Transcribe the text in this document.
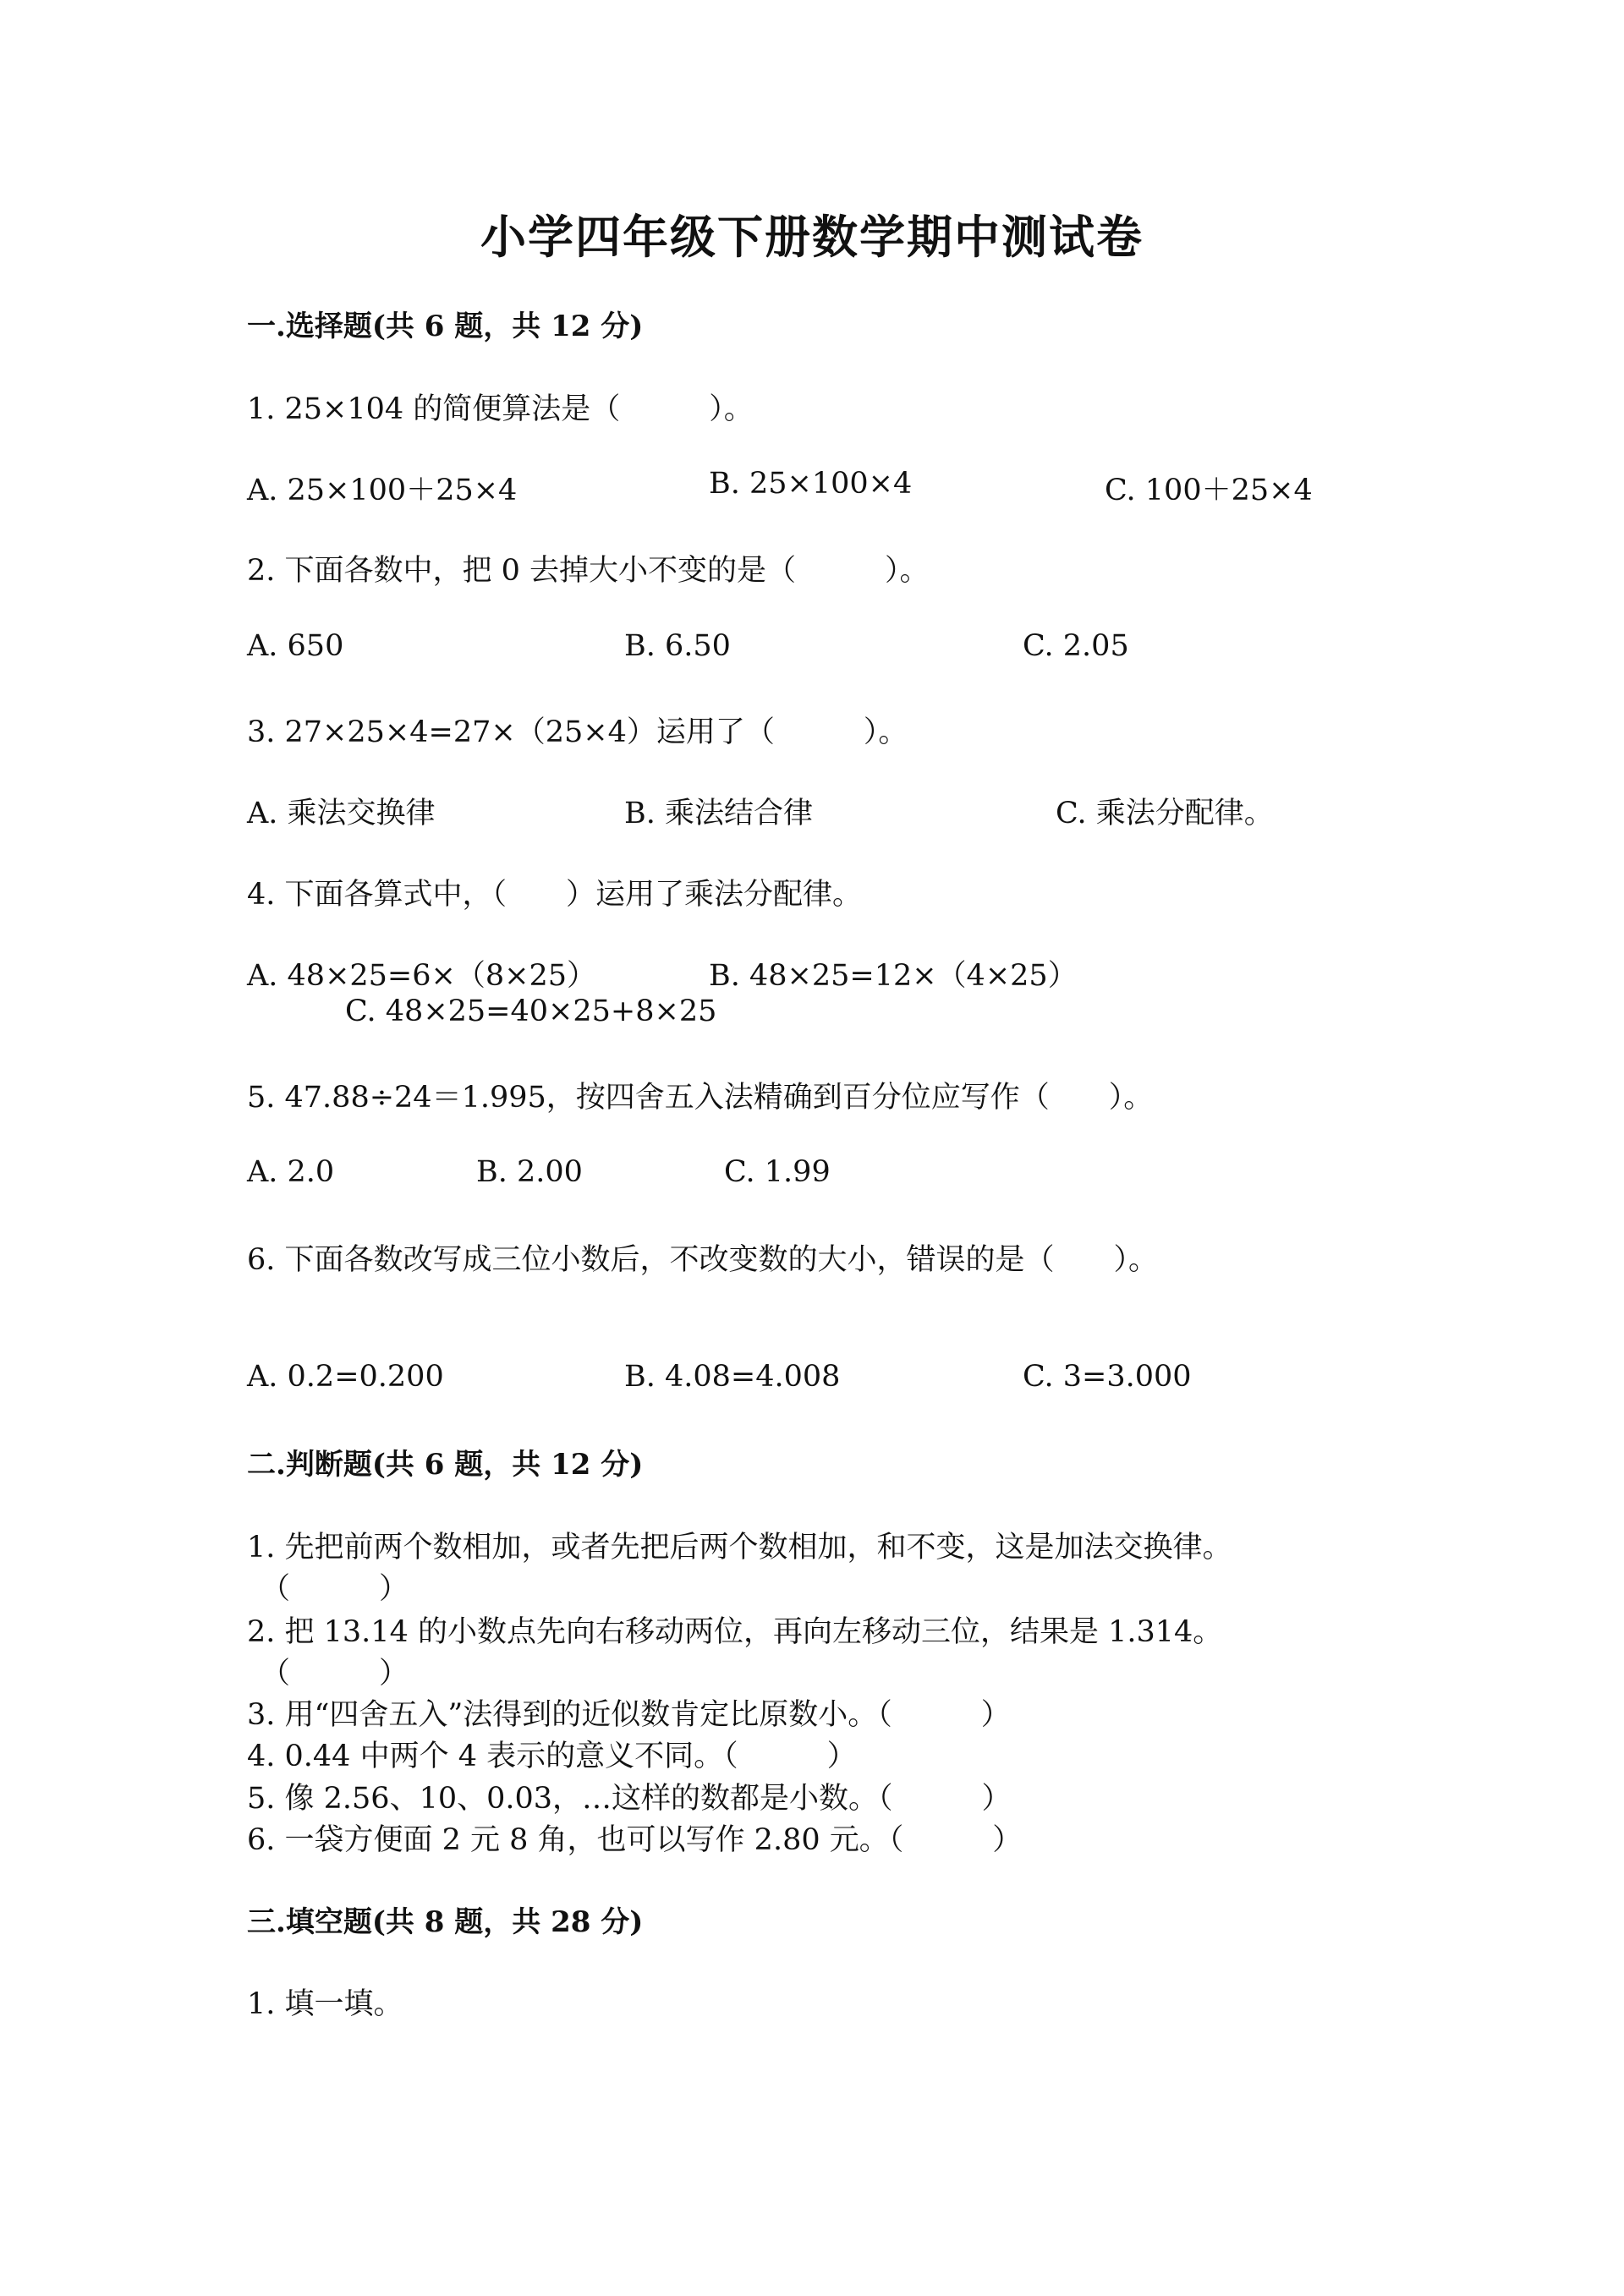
小学四年级下册数学期中测试卷
一.选择题(共 6 题，共 12 分)
1. 25×104 的简便算法是（　　　）。
A. 25×100＋25×4	B. 25×100×4	C. 100＋25×4
2. 下面各数中，把 0 去掉大小不变的是（　　　）。
A. 650	B. 6.50	C. 2.05
3. 27×25×4=27×（25×4）运用了（　　　）。
A. 乘法交换律	B. 乘法结合律	C. 乘法分配律。
4. 下面各算式中，（　　）运用了乘法分配律。
A. 48×25=6×（8×25）	B. 48×25=12×（4×25）
C. 48×25=40×25+8×25
5. 47.88÷24＝1.995，按四舍五入法精确到百分位应写作（　　）。
A. 2.0	B. 2.00	C. 1.99
6. 下面各数改写成三位小数后，不改变数的大小，错误的是（　　）。
A. 0.2=0.200	B. 4.08=4.008	C. 3=3.000
二.判断题(共 6 题，共 12 分)
1. 先把前两个数相加，或者先把后两个数相加，和不变，这是加法交换律。
（　　　）
2. 把 13.14 的小数点先向右移动两位，再向左移动三位，结果是 1.314。
（　　　）
3. 用“四舍五入”法得到的近似数肯定比原数小。（　　　）
4. 0.44 中两个 4 表示的意义不同。（　　　）
5. 像 2.56、10、0.03，…这样的数都是小数。（　　　）
6. 一袋方便面 2 元 8 角，也可以写作 2.80 元。（　　　）
三.填空题(共 8 题，共 28 分)
1. 填一填。
